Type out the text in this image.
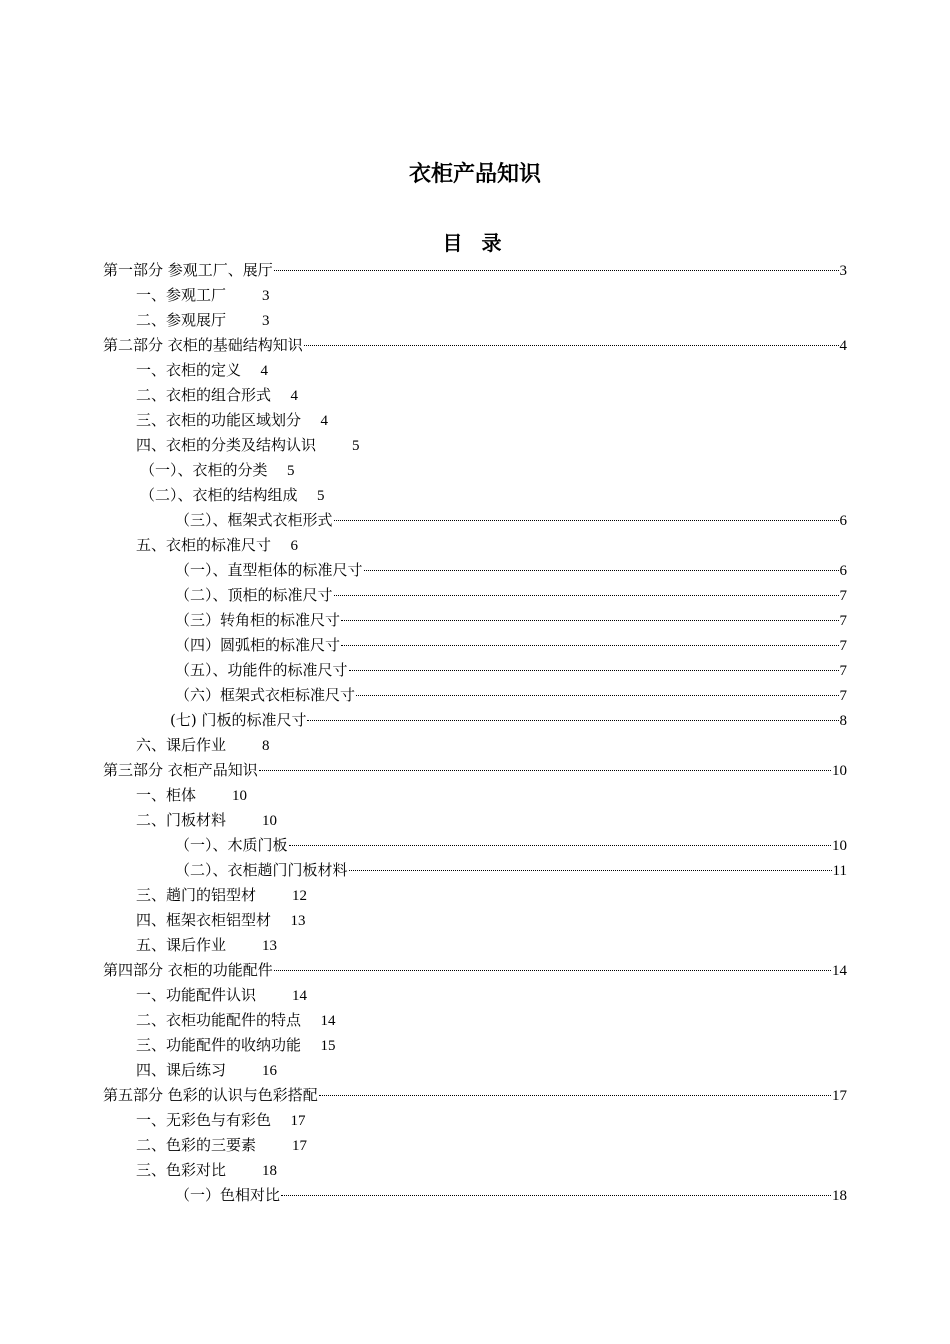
衣柜产品知识
目 录
第一部分 参观工厂、展厅	3
一、参观工厂 3
二、参观展厅 3
第二部分 衣柜的基础结构知识	4
一、衣柜的定义 4
二、衣柜的组合形式 4
三、衣柜的功能区域划分 4
四、衣柜的分类及结构认识 5
（一）、衣柜的分类 5
（二）、衣柜的结构组成 5
（三）、框架式衣柜形式	6
五、衣柜的标准尺寸 6
（一）、直型柜体的标准尺寸	6
（二）、顶柜的标准尺寸	7
（三）转角柜的标准尺寸	7
（四）圆弧柜的标准尺寸	7
（五）、功能件的标准尺寸	7
（六）框架式衣柜标准尺寸	7
(七) 门板的标准尺寸	8
六、课后作业 8
第三部分 衣柜产品知识	10
一、柜体 10
二、门板材料 10
（一）、木质门板	10
（二）、衣柜趟门门板材料	11
三、趟门的铝型材 12
四、框架衣柜铝型材 13
五、课后作业 13
第四部分 衣柜的功能配件	14
一、功能配件认识 14
二、衣柜功能配件的特点 14
三、功能配件的收纳功能 15
四、课后练习 16
第五部分 色彩的认识与色彩搭配	17
一、无彩色与有彩色 17
二、色彩的三要素 17
三、色彩对比 18
（一）色相对比	18
